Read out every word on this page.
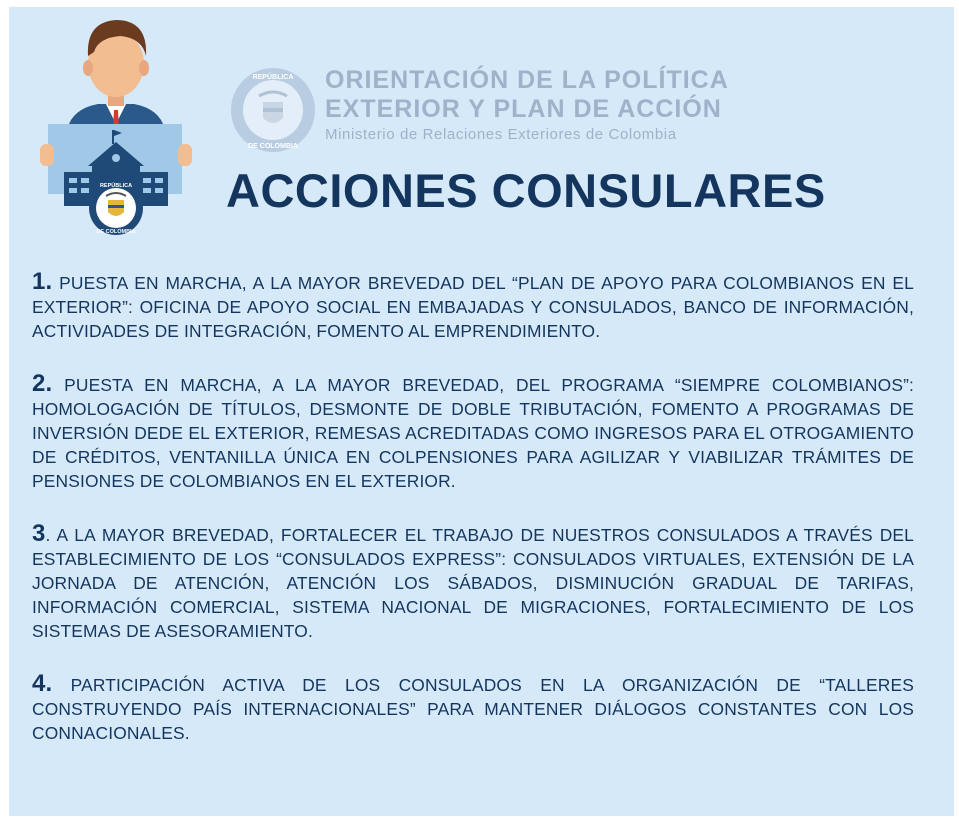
REPÚBLICA
DE COLOMBIA
REPÚBLICA
DE COLOMBIA
ORIENTACIÓN DE LA POLÍTICA
EXTERIOR Y PLAN DE ACCIÓN
Ministerio de Relaciones Exteriores de Colombia
ACCIONES CONSULARES

1. PUESTA EN MARCHA, A LA MAYOR BREVEDAD DEL “PLAN DE APOYO PARA COLOMBIANOS EN EL EXTERIOR”: OFICINA DE APOYO SOCIAL EN EMBAJADAS Y CONSULADOS, BANCO DE INFORMACIÓN, ACTIVIDADES DE INTEGRACIÓN, FOMENTO AL EMPRENDIMIENTO.

2. PUESTA EN MARCHA, A LA MAYOR BREVEDAD, DEL PROGRAMA “SIEMPRE COLOMBIANOS”: HOMOLOGACIÓN DE TÍTULOS, DESMONTE DE DOBLE TRIBUTACIÓN, FOMENTO A PROGRAMAS DE INVERSIÓN DEDE EL EXTERIOR, REMESAS ACREDITADAS COMO INGRESOS PARA EL OTROGAMIENTO DE CRÉDITOS, VENTANILLA ÚNICA EN COLPENSIONES PARA AGILIZAR Y VIABILIZAR TRÁMITES DE PENSIONES DE COLOMBIANOS EN EL EXTERIOR.

3. A LA MAYOR BREVEDAD, FORTALECER EL TRABAJO DE NUESTROS CONSULADOS A TRAVÉS DEL ESTABLECIMIENTO DE LOS “CONSULADOS EXPRESS”: CONSULADOS VIRTUALES, EXTENSIÓN DE LA JORNADA DE ATENCIÓN, ATENCIÓN LOS SÁBADOS, DISMINUCIÓN GRADUAL DE TARIFAS, INFORMACIÓN COMERCIAL, SISTEMA NACIONAL DE MIGRACIONES, FORTALECIMIENTO DE LOS SISTEMAS DE ASESORAMIENTO.

4. PARTICIPACIÓN ACTIVA DE LOS CONSULADOS EN LA ORGANIZACIÓN DE “TALLERES CONSTRUYENDO PAÍS INTERNACIONALES” PARA MANTENER DIÁLOGOS CONSTANTES CON LOS CONNACIONALES.
